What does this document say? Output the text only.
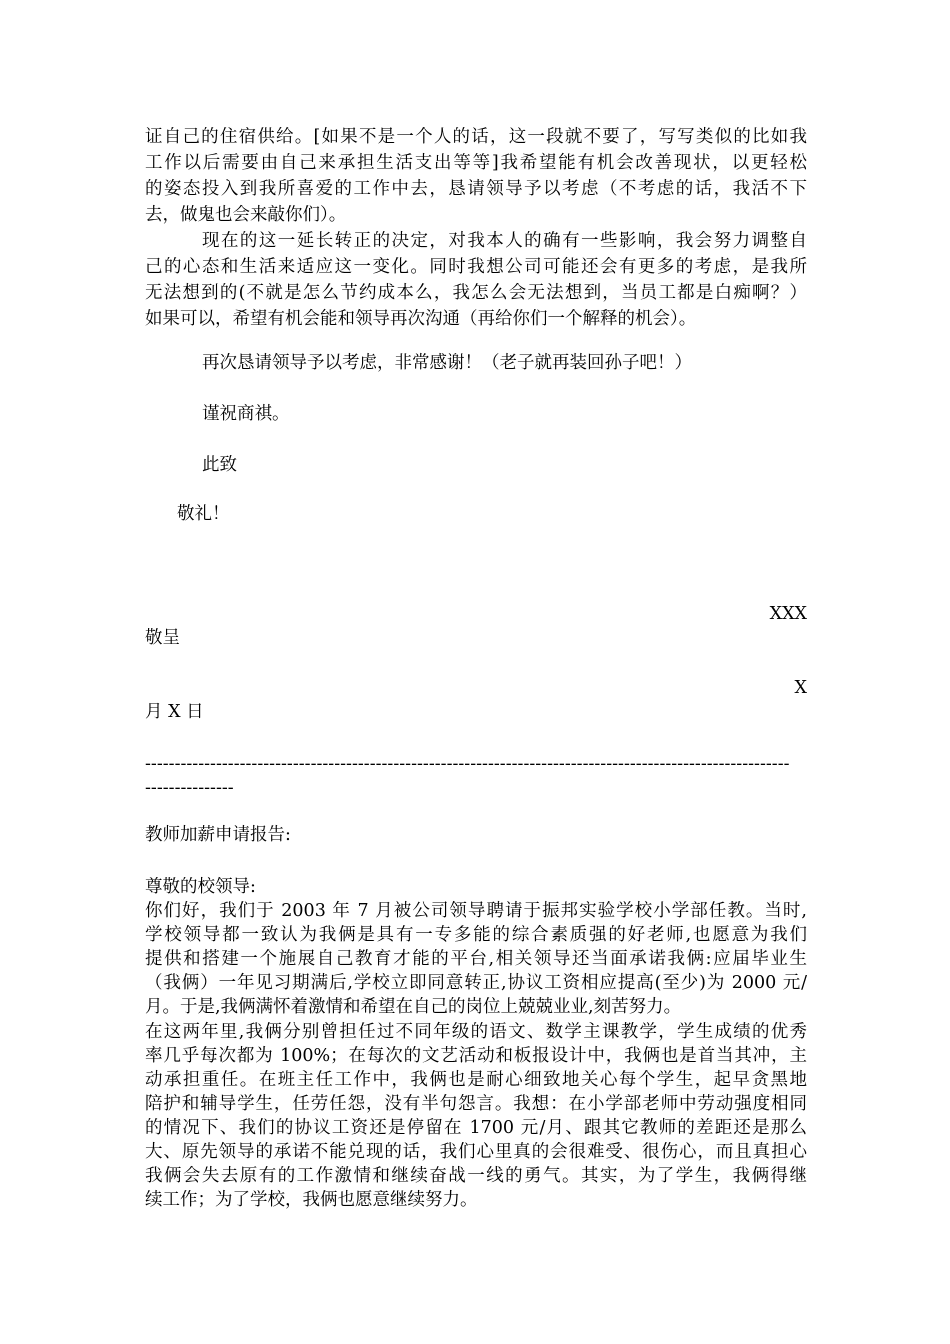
证自己的住宿供给。[如果不是一个人的话，这一段就不要了，写写类似的比如我
工作以后需要由自己来承担生活支出等等]我希望能有机会改善现状，以更轻松
的姿态投入到我所喜爱的工作中去，恳请领导予以考虑（不考虑的话，我活不下
去，做鬼也会来敲你们）。
现在的这一延长转正的决定，对我本人的确有一些影响，我会努力调整自
己的心态和生活来适应这一变化。同时我想公司可能还会有更多的考虑，是我所
无法想到的(不就是怎么节约成本么，我怎么会无法想到，当员工都是白痴啊？）
如果可以，希望有机会能和领导再次沟通（再给你们一个解释的机会）。
再次恳请领导予以考虑，非常感谢！（老子就再装回孙子吧！）
谨祝商祺。
此致
敬礼！
XXX
敬呈
X
月 X 日
-------------------------------------------------------------------------------------------------------------
---------------
教师加薪申请报告:
尊敬的校领导:
你们好，我们于 2003 年 7 月被公司领导聘请于振邦实验学校小学部任教。当时,
学校领导都一致认为我俩是具有一专多能的综合素质强的好老师,也愿意为我们
提供和搭建一个施展自己教育才能的平台,相关领导还当面承诺我俩:应届毕业生
（我俩）一年见习期满后,学校立即同意转正,协议工资相应提高(至少)为 2000 元/
月。于是,我俩满怀着激情和希望在自己的岗位上兢兢业业,刻苦努力。
在这两年里,我俩分别曾担任过不同年级的语文、数学主课教学，学生成绩的优秀
率几乎每次都为 100%；在每次的文艺活动和板报设计中，我俩也是首当其冲，主
动承担重任。在班主任工作中，我俩也是耐心细致地关心每个学生，起早贪黑地
陪护和辅导学生，任劳任怨，没有半句怨言。我想：在小学部老师中劳动强度相同
的情况下、我们的协议工资还是停留在 1700 元/月、跟其它教师的差距还是那么
大、原先领导的承诺不能兑现的话，我们心里真的会很难受、很伤心，而且真担心
我俩会失去原有的工作激情和继续奋战一线的勇气。其实，为了学生，我俩得继
续工作；为了学校，我俩也愿意继续努力。
